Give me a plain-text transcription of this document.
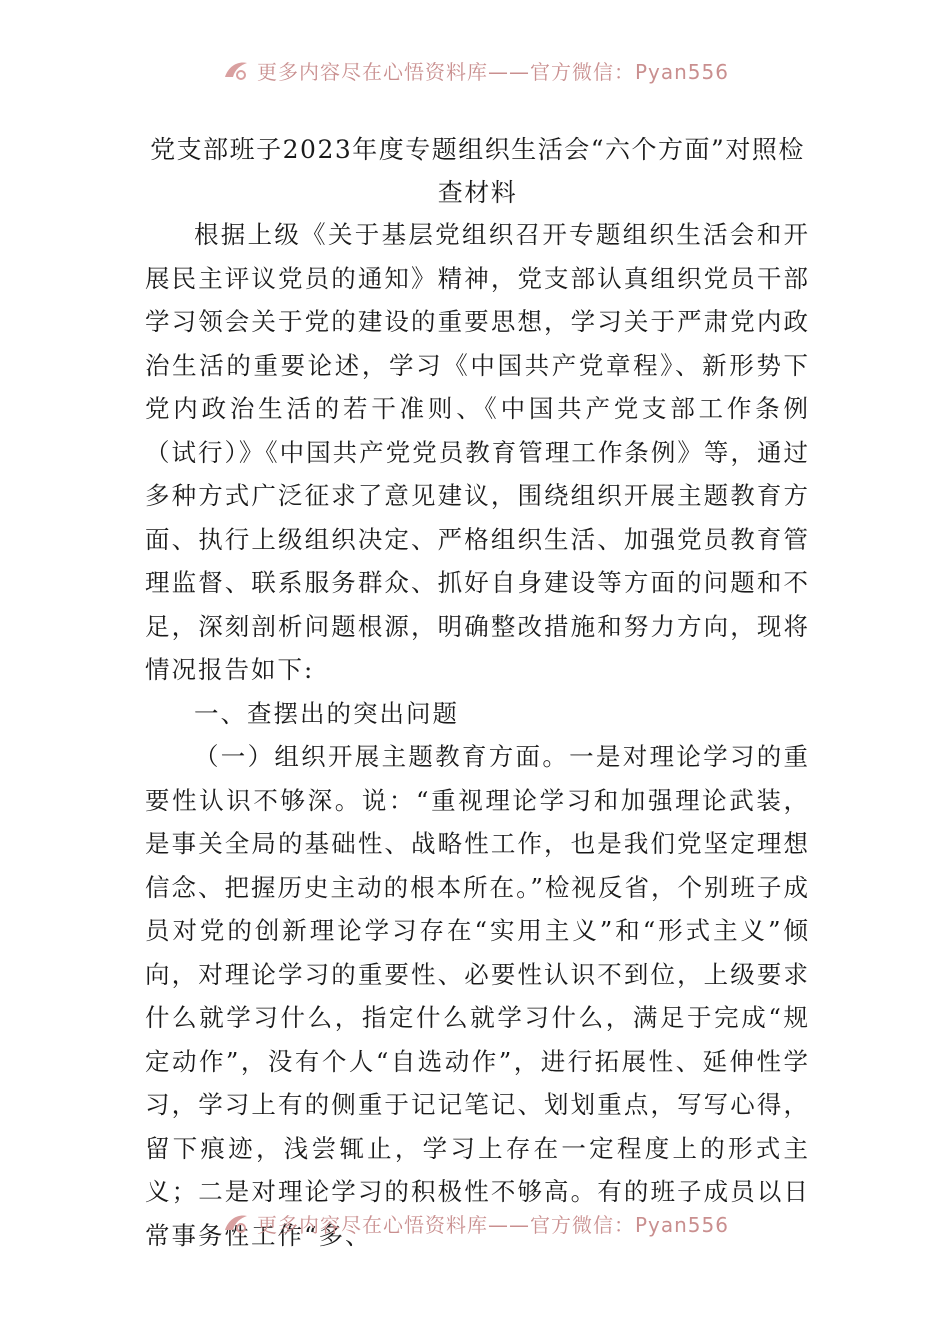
更多内容尽在心悟资料库——官方微信：Pyan556
党支部班子2023年度专题组织生活会“六个方面”对照检查材料

根据上级《关于基层党组织召开专题组织生活会和开展民主评议党员的通知》精神，党支部认真组织党员干部学习领会关于党的建设的重要思想，学习关于严肃党内政治生活的重要论述，学习《中国共产党章程》、新形势下党内政治生活的若干准则、《中国共产党支部工作条例（试行）》《中国共产党党员教育管理工作条例》等，通过多种方式广泛征求了意见建议，围绕组织开展主题教育方面、执行上级组织决定、严格组织生活、加强党员教育管理监督、联系服务群众、抓好自身建设等方面的问题和不足，深刻剖析问题根源，明确整改措施和努力方向，现将情况报告如下:

一、查摆出的突出问题

（一）组织开展主题教育方面。一是对理论学习的重要性认识不够深。说：“重视理论学习和加强理论武装，是事关全局的基础性、战略性工作，也是我们党坚定理想信念、把握历史主动的根本所在。”检视反省，个别班子成员对党的创新理论学习存在“实用主义”和“形式主义”倾向，对理论学习的重要性、必要性认识不到位，上级要求什么就学习什么，指定什么就学习什么，满足于完成“规定动作”，没有个人“自选动作”，进行拓展性、延伸性学习，学习上有的侧重于记记笔记、划划重点，写写心得，留下痕迹，浅尝辄止，学习上存在一定程度上的形式主义；二是对理论学习的积极性不够高。有的班子成员以日常事务性工作“多、

更多内容尽在心悟资料库——官方微信：Pyan556
